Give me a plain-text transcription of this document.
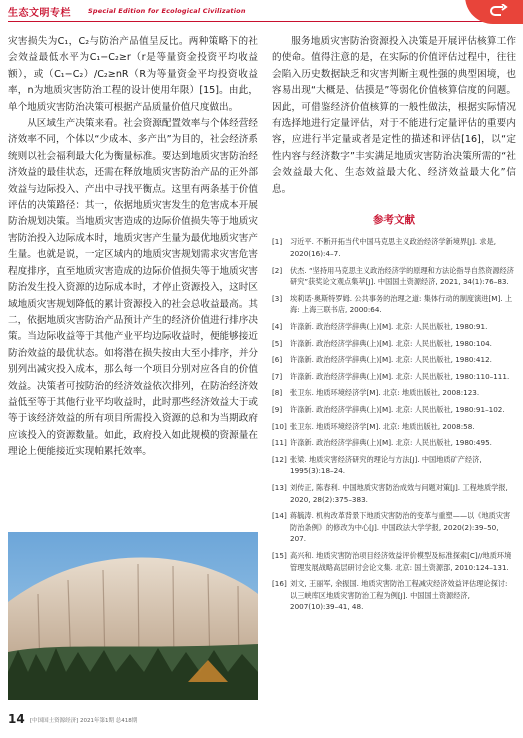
生态文明专栏	Special Edition for Ecological Civilization

灾害损失为C₁，C₂与防治产品值呈反比。两种策略下的社会效益最低水平为C₁−C₂≥r（r是等量资金投资平均收益额），或（C₁−C₂）/C₂≥nR（R为等量资金平均投资收益率，n为地质灾害防治工程的设计使用年限）[15]。由此，单个地质灾害防治决策可根据产品质量价值尺度做出。

从区域生产决策来看。社会资源配置效率与个体经营经济效率不同，个体以“少成本、多产出”为目的，社会经济系统则以社会福利最大化为衡量标准。要达到地质灾害防治经济效益的最佳状态，还需在释放地质灾害防治产品的正外部效益与边际投入、产出中寻找平衡点。这里有两条基于价值评估的决策路径：其一，依据地质灾害发生的危害成本开展防治规划决策。当地质灾害造成的边际价值损失等于地质灾害防治投入边际成本时，地质灾害产生量为最优地质灾害产生量。也就是说，一定区域内的地质灾害规划需求灾害危害程度排序，直至地质灾害造成的边际价值损失等于地质灾害防治发生投入资源的边际成本时，才停止资源投入，这时区域地质灾害规划降低的累计资源投入的社会总收益最高。其二，依据地质灾害防治产品预计产生的经济价值进行排序决策。当边际收益等于其他产业平均边际收益时，便能够接近防治效益的最优状态。如将潜在损失按由大至小排序，并分别列出减灾投入成本，那么每一个项目分别对应各自的价值效益。决策者可按防治的经济效益依次排列，在防治经济效益低至等于其他行业平均收益时，此时那些经济效益大于或等于该经济效益的所有项目所需投入资源的总和为当期政府应该投入的资源数量。如此，政府投入如此规模的资源量在理论上便能接近实现帕累托效率。

服务地质灾害防治资源投入决策是开展评估核算工作的使命。值得注意的是，在实际的价值评估过程中，往往会陷入历史数据缺乏和灾害判断主观性强的典型困境，也容易出现“大概是、估摸是”等弱化价值核算信度的问题。因此，可借鉴经济价值核算的一般性做法，根据实际情况有选择地进行定量评估，对于不能进行定量评估的重要内容，应进行半定量或者是定性的描述和评估[16]，以“定性内容与经济数字”丰实满足地质灾害防治决策所需的“社会效益最大化、生态效益最大化、经济效益最大化”信息。

参考文献
[1]	习近平. 不断开拓当代中国马克思主义政治经济学新境界[J]. 求是, 2020(16):4–7.
[2]	伏杰. “坚持用马克思主义政治经济学的原理和方法论指导自然资源经济研究”获奖论文观点集萃[J]. 中国国土资源经济, 2021, 34(1):76–83.
[3]	埃莉诺·奥斯特罗姆. 公共事务的治理之道: 集体行动的制度演进[M]. 上海: 上海三联书店, 2000:64.
[4]	许涤新. 政治经济学辞典(上)[M]. 北京: 人民出版社, 1980:91.
[5]	许涤新. 政治经济学辞典(上)[M]. 北京: 人民出版社, 1980:104.
[6]	许涤新. 政治经济学辞典(上)[M]. 北京: 人民出版社, 1980:412.
[7]	许涤新. 政治经济学辞典(上)[M]. 北京: 人民出版社, 1980:110–111.
[8]	张卫东. 地质环境经济学[M]. 北京: 地质出版社, 2008:123.
[9]	许涤新. 政治经济学辞典(上)[M]. 北京: 人民出版社, 1980:91–102.
[10] 张卫东. 地质环境经济学[M]. 北京: 地质出版社, 2008:58.
[11] 许涤新. 政治经济学辞典(上)[M]. 北京: 人民出版社, 1980:495.
[12] 张梁. 地质灾害经济研究的理论与方法[J]. 中国地质矿产经济, 1995(3):18–24.
[13] 刘传正, 陈春利. 中国地质灾害防治成效与问题对策[J]. 工程地质学报, 2020, 28(2):375–383.
[14] 蒋毓涛. 机构改革背景下地质灾害防治的变革与重塑——以《地质灾害防治条例》的修改为中心[J]. 中国政法大学学报, 2020(2):39–50, 207.
[15] 高兴和. 地质灾害防治项目经济效益评价模型及标准探索[C]//地质环境管理发展战略高层研讨会论文集. 北京: 国土资源部, 2010:124–131.
[16] 刘文, 王丽军, 余振国. 地质灾害防治工程减灾经济效益评估理论探讨: 以三峡库区地质灾害防治工程为例[J]. 中国国土资源经济, 2007(10):39–41, 48.
14 [中国国土资源经济] 2021年第1期 总418期
